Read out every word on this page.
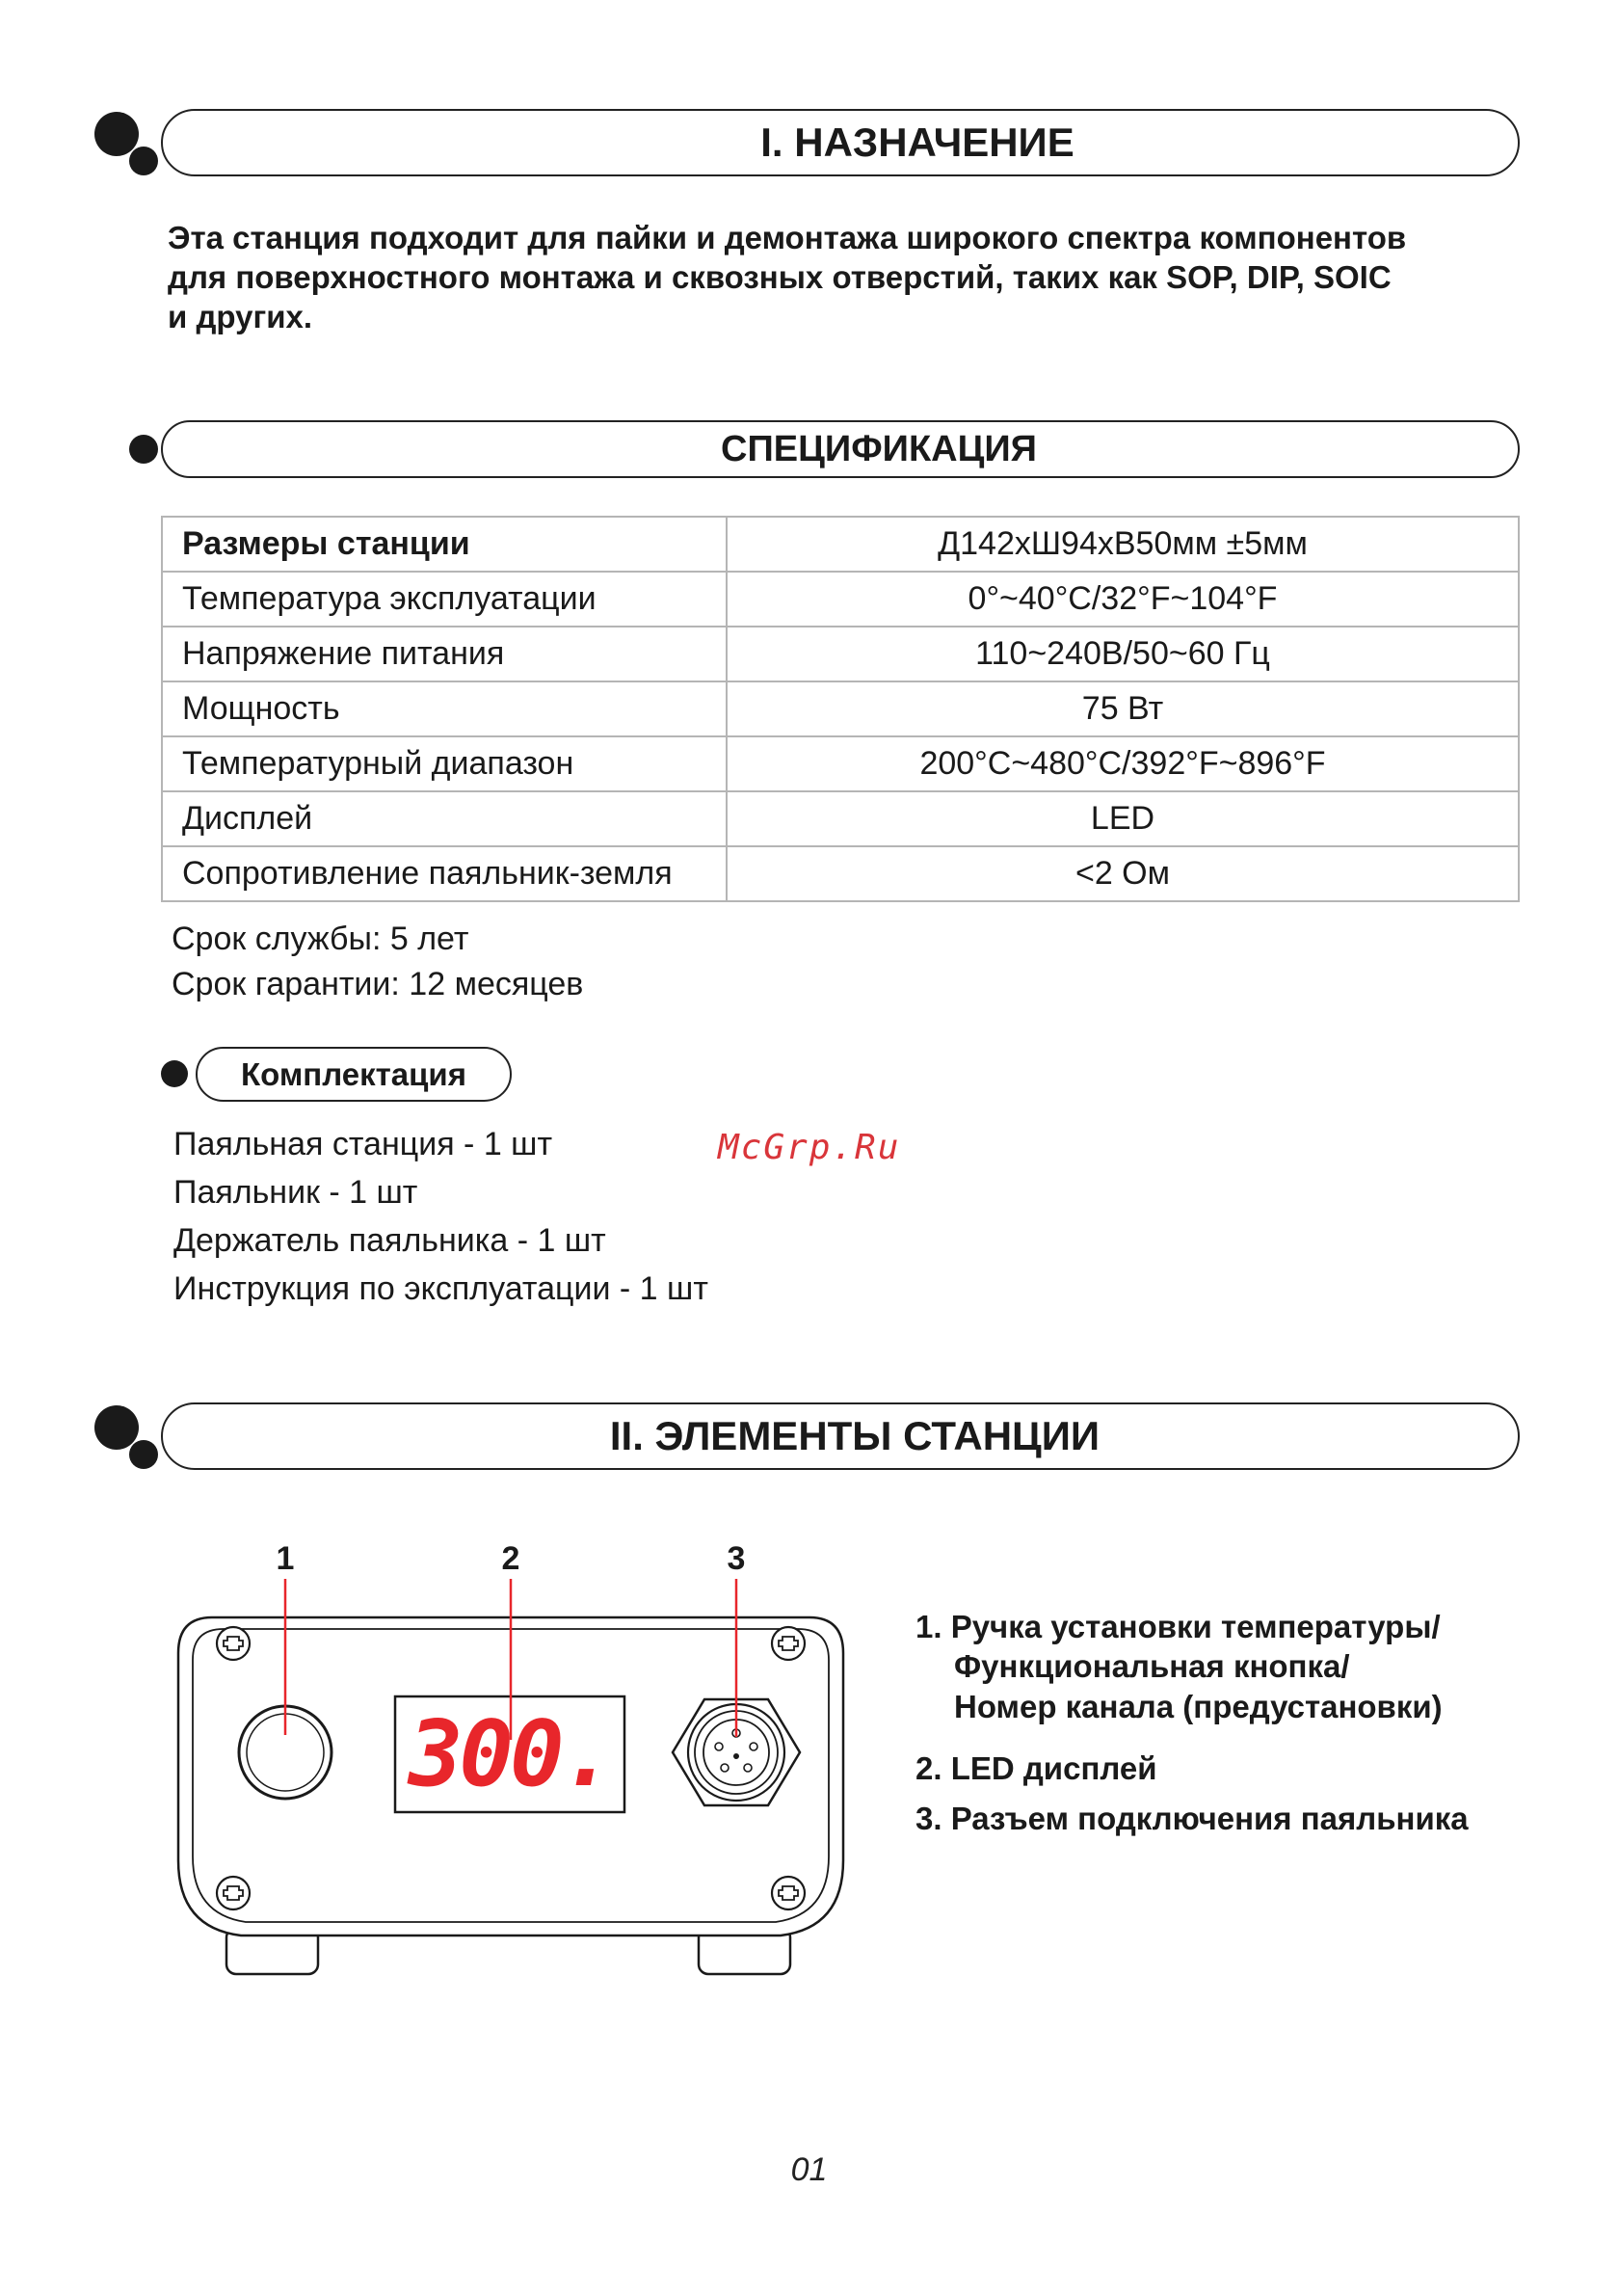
I. НАЗНАЧЕНИЕ
Эта станция подходит для пайки и демонтажа широкого спектра компонентов
для поверхностного монтажа и сквозных отверстий, таких как SOP, DIP, SOIC
и других.
СПЕЦИФИКАЦИЯ
Размеры станции	Д142хШ94хВ50мм ±5мм
Температура эксплуатации	0°~40°C/32°F~104°F
Напряжение питания	110~240В/50~60 Гц
Мощность	75 Вт
Температурный диапазон	200°C~480°C/392°F~896°F
Дисплей	LED
Сопротивление паяльник-земля	<2 Ом
Срок службы: 5 лет
Срок гарантии: 12 месяцев
Комплектация
Паяльная станция - 1 шт
Паяльник - 1 шт
Держатель паяльника - 1 шт
Инструкция по эксплуатации - 1 шт
McGrp.Ru
II. ЭЛЕМЕНТЫ СТАНЦИИ
1	2	3
300.
1. Ручка установки температуры/
Функциональная кнопка/
Номер канала (предустановки)
2. LED дисплей
3. Разъем подключения паяльника
01
